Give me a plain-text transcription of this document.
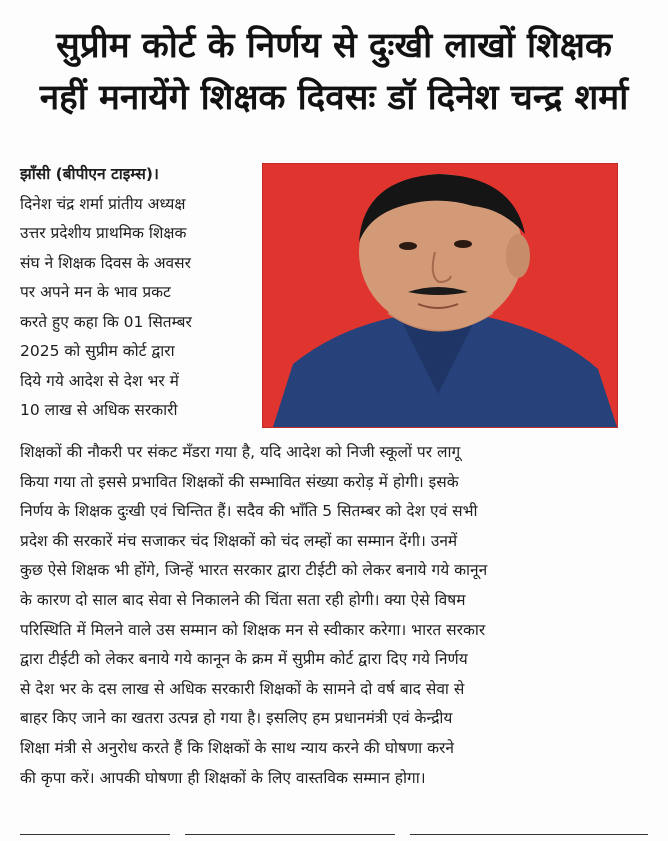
सुप्रीम कोर्ट के निर्णय से दुःखी लाखों शिक्षक
नहीं मनायेंगे शिक्षक दिवसः डॉ दिनेश चन्द्र शर्मा
झाँसी (बीपीएन टाइम्स)।
दिनेश चंद्र शर्मा प्रांतीय अध्यक्ष
उत्तर प्रदेशीय प्राथमिक शिक्षक
संघ ने शिक्षक दिवस के अवसर
पर अपने मन के भाव प्रकट
करते हुए कहा कि 01 सितम्बर
2025 को सुप्रीम कोर्ट द्वारा
दिये गये आदेश से देश भर में
10 लाख से अधिक सरकारी
शिक्षकों की नौकरी पर संकट मँडरा गया है, यदि आदेश को निजी स्कूलों पर लागू
किया गया तो इससे प्रभावित शिक्षकों की सम्भावित संख्या करोड़ में होगी। इसके
निर्णय के शिक्षक दुःखी एवं चिन्तित हैं। सदैव की भाँति 5 सितम्बर को देश एवं सभी
प्रदेश की सरकारें मंच सजाकर चंद शिक्षकों को चंद लम्हों का सम्मान देंगी। उनमें
कुछ ऐसे शिक्षक भी होंगे, जिन्हें भारत सरकार द्वारा टीईटी को लेकर बनाये गये कानून
के कारण दो साल बाद सेवा से निकालने की चिंता सता रही होगी। क्या ऐसे विषम
परिस्थिति में मिलने वाले उस सम्मान को शिक्षक मन से स्वीकार करेगा। भारत सरकार
द्वारा टीईटी को लेकर बनाये गये कानून के क्रम में सुप्रीम कोर्ट द्वारा दिए गये निर्णय
से देश भर के दस लाख से अधिक सरकारी शिक्षकों के सामने दो वर्ष बाद सेवा से
बाहर किए जाने का खतरा उत्पन्न हो गया है। इसलिए हम प्रधानमंत्री एवं केन्द्रीय
शिक्षा मंत्री से अनुरोध करते हैं कि शिक्षकों के साथ न्याय करने की घोषणा करने
की कृपा करें। आपकी घोषणा ही शिक्षकों के लिए वास्तविक सम्मान होगा।
